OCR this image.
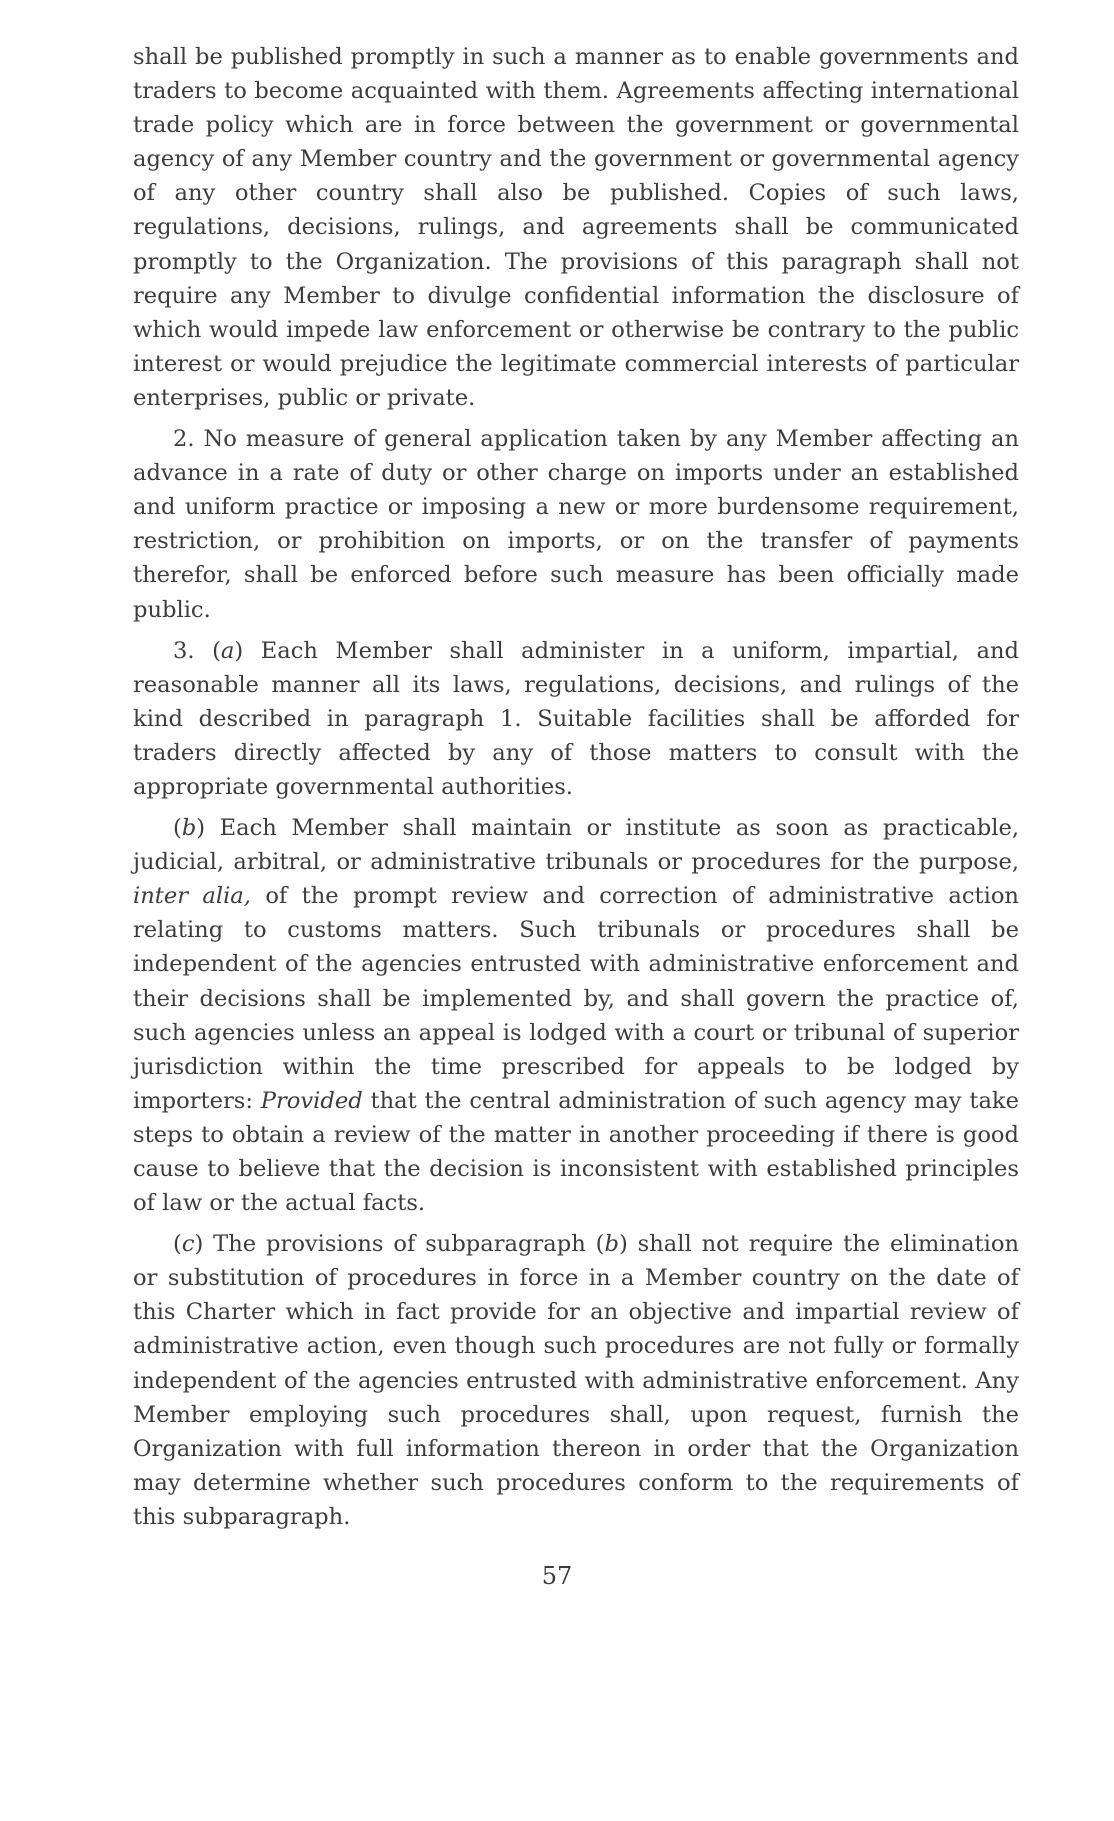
shall be published promptly in such a manner as to enable governments and traders to become acquainted with them. Agreements affecting international trade policy which are in force between the government or governmental agency of any Member country and the government or governmental agency of any other country shall also be published. Copies of such laws, regulations, decisions, rulings, and agreements shall be communicated promptly to the Organization. The provisions of this paragraph shall not require any Member to divulge confidential information the disclosure of which would impede law enforcement or otherwise be contrary to the public interest or would prejudice the legitimate commercial interests of particular enterprises, public or private.

2. No measure of general application taken by any Member affecting an advance in a rate of duty or other charge on imports under an established and uniform practice or imposing a new or more burdensome requirement, restriction, or prohibition on imports, or on the transfer of payments therefor, shall be enforced before such measure has been officially made public.

3. (a) Each Member shall administer in a uniform, impartial, and reasonable manner all its laws, regulations, decisions, and rulings of the kind described in paragraph 1. Suitable facilities shall be afforded for traders directly affected by any of those matters to consult with the appropriate governmental authorities.

(b) Each Member shall maintain or institute as soon as practicable, judicial, arbitral, or administrative tribunals or procedures for the purpose, inter alia, of the prompt review and correction of administrative action relating to customs matters. Such tribunals or procedures shall be independent of the agencies entrusted with administrative enforcement and their decisions shall be implemented by, and shall govern the practice of, such agencies unless an appeal is lodged with a court or tribunal of superior jurisdiction within the time prescribed for appeals to be lodged by importers: Provided that the central administration of such agency may take steps to obtain a review of the matter in another proceeding if there is good cause to believe that the decision is inconsistent with established principles of law or the actual facts.

(c) The provisions of subparagraph (b) shall not require the elimination or substitution of procedures in force in a Member country on the date of this Charter which in fact provide for an objective and impartial review of administrative action, even though such procedures are not fully or formally independent of the agencies entrusted with administrative enforcement. Any Member employing such procedures shall, upon request, furnish the Organization with full information thereon in order that the Organization may determine whether such procedures conform to the requirements of this subparagraph.

57
